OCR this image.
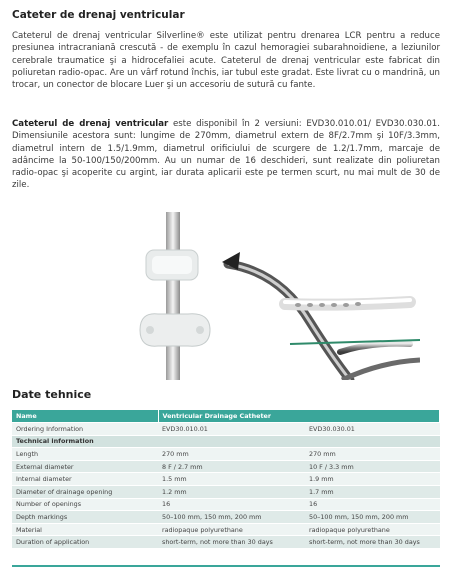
Cateter de drenaj ventricular
Cateterul de drenaj ventricular Silverline® este utilizat pentru drenarea LCR pentru a reduce presiunea intracraniană crescută - de exemplu în cazul hemoragiei subarahnoidiene, a leziunilor cerebrale traumatice şi a hidrocefaliei acute. Cateterul de drenaj ventricular este fabricat din poliuretan radio-opac. Are un vârf rotund închis, iar tubul este gradat. Este livrat cu o mandrină, un trocar, un conector de blocare Luer şi un accesoriu de sutură cu fante.
Cateterul de drenaj ventricular este disponibil în 2 versiuni: EVD30.010.01/ EVD30.030.01. Dimensiunile acestora sunt: lungime de 270mm, diametrul extern de 8F/2.7mm şi 10F/3.3mm, diametrul intern de 1.5/1.9mm, diametrul orificiului de scurgere de 1.2/1.7mm, marcaje de adâncime la 50-100/150/200mm. Au un numar de 16 deschideri, sunt realizate din poliuretan radio-opac şi acoperite cu argint, iar durata aplicarii este pe termen scurt, nu mai mult de 30 de zile.
Date tehnice
Name	Ventricular Drainage Catheter	
Ordering Information	EVD30.010.01	EVD30.030.01
Technical information		
Length	270 mm	270 mm
External diameter	8 F / 2.7 mm	10 F / 3.3 mm
Internal diameter	1.5 mm	1.9 mm
Diameter of drainage opening	1.2 mm	1.7 mm
Number of openings	16	16
Depth markings	50–100 mm, 150 mm, 200 mm	50–100 mm, 150 mm, 200 mm
Material	radiopaque polyurethane	radiopaque polyurethane
Duration of application	short-term, not more than 30 days	short-term, not more than 30 days
